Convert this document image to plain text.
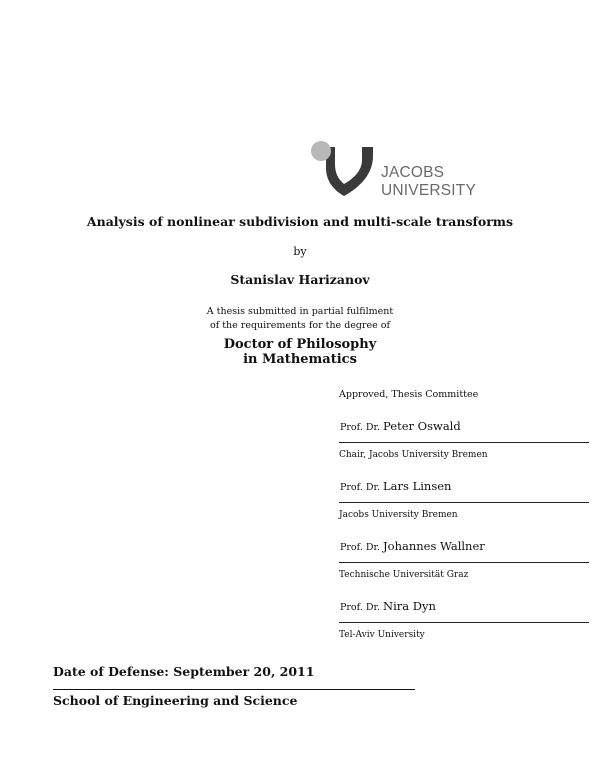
JACOBS
UNIVERSITY
Analysis of nonlinear subdivision and multi-scale transforms
by
Stanislav Harizanov
A thesis submitted in partial fulfilment
of the requirements for the degree of
Doctor of Philosophy
in Mathematics
Approved, Thesis Committee
Prof. Dr. Peter Oswald
Chair, Jacobs University Bremen
Prof. Dr. Lars Linsen
Jacobs University Bremen
Prof. Dr. Johannes Wallner
Technische Universität Graz
Prof. Dr. Nira Dyn
Tel-Aviv University
Date of Defense: September 20, 2011
School of Engineering and Science
